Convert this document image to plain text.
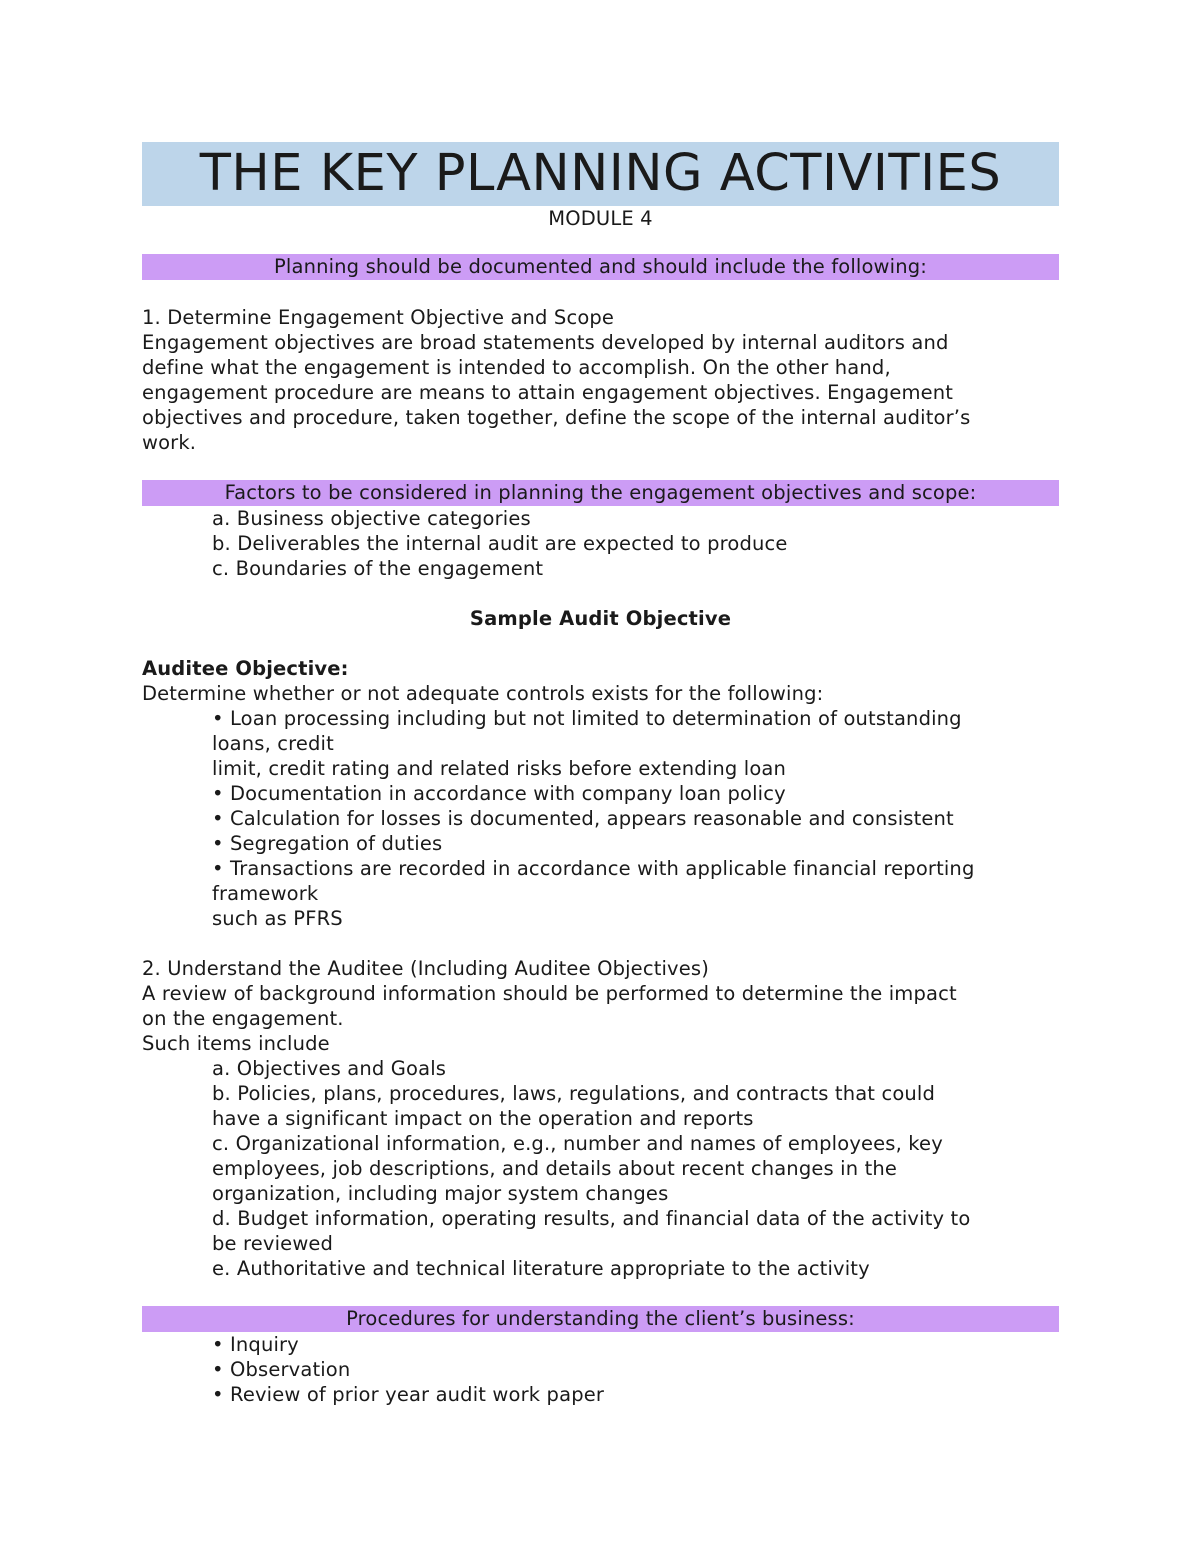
THE KEY PLANNING ACTIVITIES
MODULE 4
Planning should be documented and should include the following:

1. Determine Engagement Objective and Scope

Engagement objectives are broad statements developed by internal auditors and

define what the engagement is intended to accomplish. On the other hand,

engagement procedure are means to attain engagement objectives. Engagement

objectives and procedure, taken together, define the scope of the internal auditor’s

work.

Factors to be considered in planning the engagement objectives and scope:

a. Business objective categories

b. Deliverables the internal audit are expected to produce

c. Boundaries of the engagement

Sample Audit Objective

Auditee Objective:

Determine whether or not adequate controls exists for the following:

• Loan processing including but not limited to determination of outstanding

loans, credit

limit, credit rating and related risks before extending loan

• Documentation in accordance with company loan policy

• Calculation for losses is documented, appears reasonable and consistent

• Segregation of duties

• Transactions are recorded in accordance with applicable financial reporting

framework

such as PFRS

2. Understand the Auditee (Including Auditee Objectives)

A review of background information should be performed to determine the impact

on the engagement.

Such items include

a. Objectives and Goals

b. Policies, plans, procedures, laws, regulations, and contracts that could

have a significant impact on the operation and reports

c. Organizational information, e.g., number and names of employees, key

employees, job descriptions, and details about recent changes in the

organization, including major system changes

d. Budget information, operating results, and financial data of the activity to

be reviewed

e. Authoritative and technical literature appropriate to the activity

Procedures for understanding the client’s business:

• Inquiry

• Observation

• Review of prior year audit work paper
